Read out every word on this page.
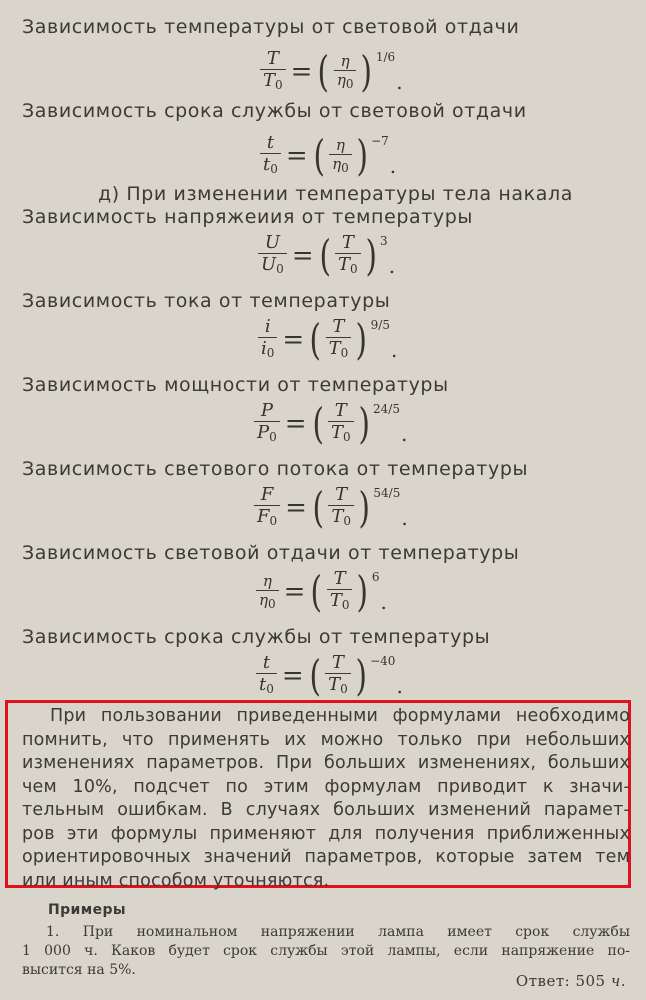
Зависимость температуры от световой отдачи
$\frac{T}{T0}$ = ( $\frac{\eta}{\eta_0}$ ) 1/6
.
Зависимость срока службы от световой отдачи
$\frac{t}{t0}$ = ( $\frac{\eta}{\eta_0}$ ) −7
.
д) При изменении температуры тела накала
Зависимость напряжеиия от температуры
$\frac{U}{U0}$ = ( $\frac{T}{T0}$ ) 3
.
Зависимость тока от температуры
$\frac{i}{i0}$ = ( $\frac{T}{T0}$ ) 9/5
.
Зависимость мощности от температуры
$\frac{P}{P0}$ = ( $\frac{T}{T0}$ ) 24/5
.
Зависимость светового потока от температуры
$\frac{F}{F0}$ = ( $\frac{T}{T0}$ ) 54/5
.
Зависимость световой отдачи от температуры
$\frac{\eta}{\eta_0}$ = ( $\frac{T}{T0}$ ) 6
.
Зависимость срока службы от температуры
$\frac{t}{t0}$ = ( $\frac{T}{T0}$ ) −40
.
При пользовании приведенными формулами необходимо
помнить, что применять их можно только при небольших
изменениях параметров. При больших изменениях, больших
чем 10%, подсчет по этим формулам приводит к значи-
тельным ошибкам. В случаях больших изменений парамет-
ров эти формулы применяют для получения приближенных
ориентировочных значений параметров, которые затем тем
или иным способом уточняются.
Примеры
1. При номинальном напряжении лампа имеет срок службы
1 000 ч. Каков будет срок службы этой лампы, если напряжение по-
высится на 5%.
Ответ: 505 ч.
